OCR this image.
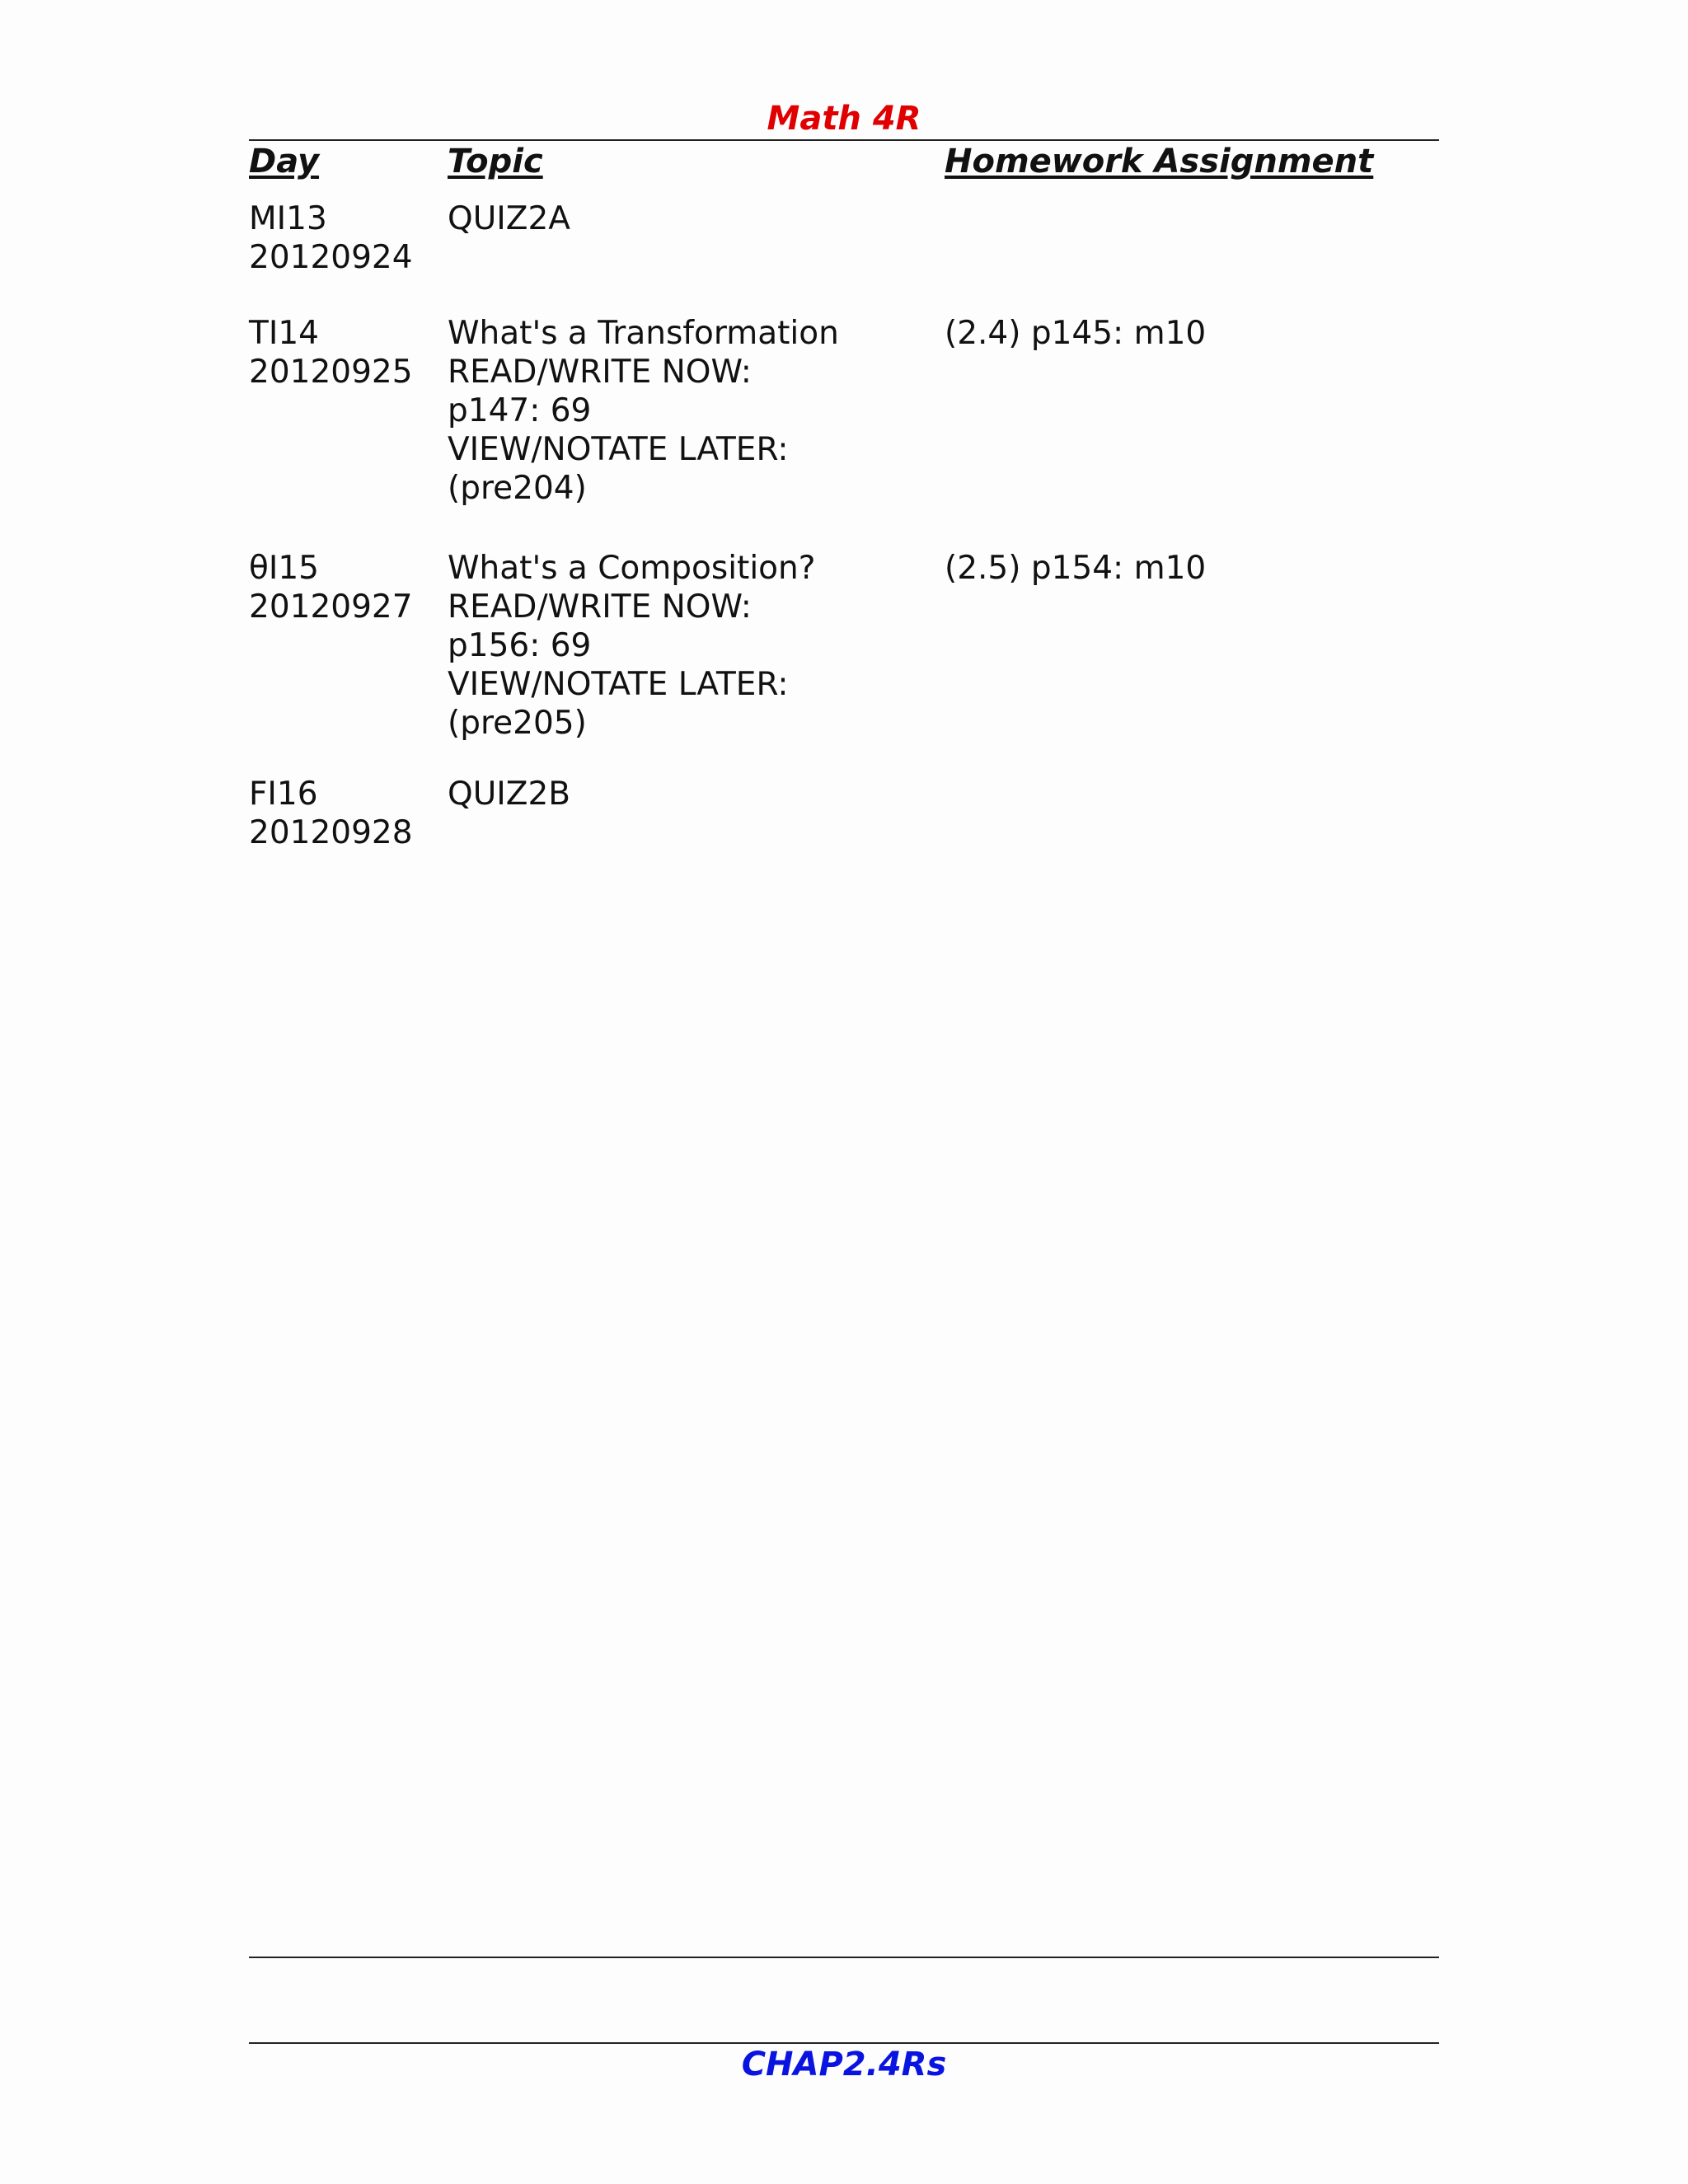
Math 4R
Day	Topic	Homework Assignment
MI13
20120924
QUIZ2A
TI14
20120925
What's a Transformation
READ/WRITE NOW:
p147: 69
VIEW/NOTATE LATER:
(pre204)
(2.4) p145: m10
θI15
20120927
What's a Composition?
READ/WRITE NOW:
p156: 69
VIEW/NOTATE LATER:
(pre205)
(2.5) p154: m10
FI16
20120928
QUIZ2B
CHAP2.4Rs
